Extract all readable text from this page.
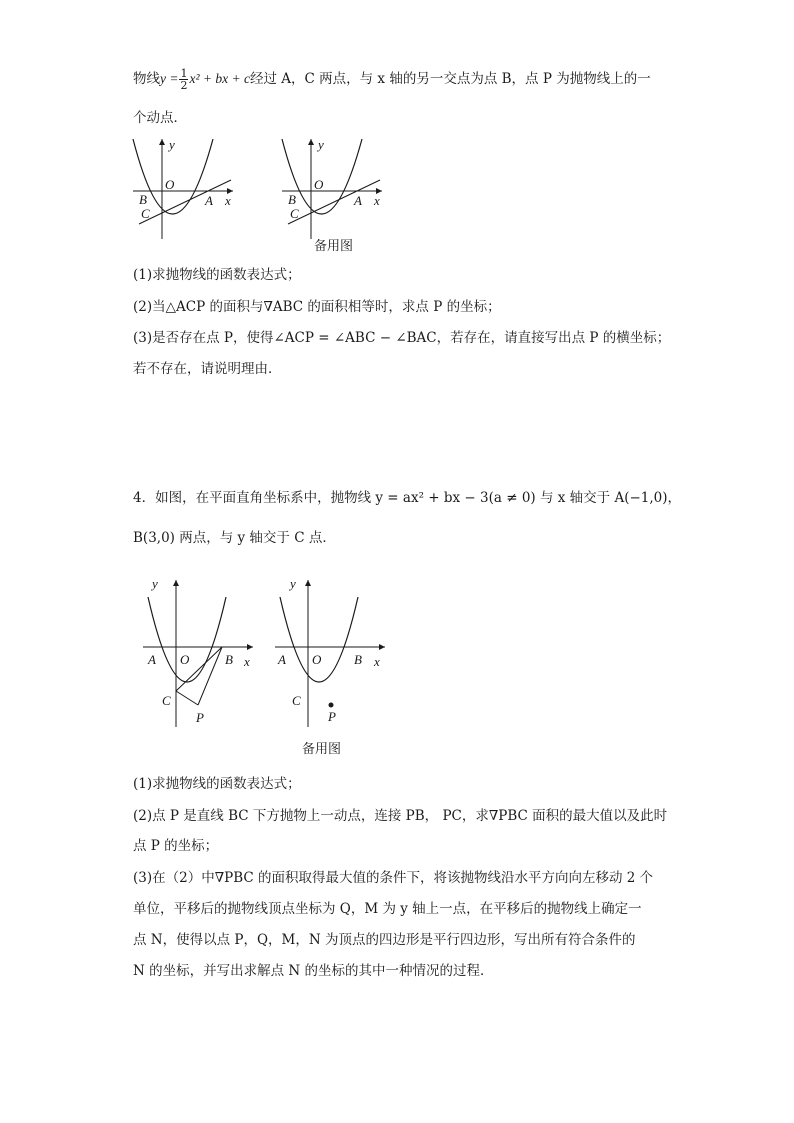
物线$y = \frac{1}{2} x^2$ + bx + c经过 A，C 两点，与 x 轴的另一交点为点 B，点 P 为抛物线上的一
个动点．
y
O
B
C
A x
y
O
B
C
A x
备用图
(1)求抛物线的函数表达式；
(2)当△ACP 的面积与∇ABC 的面积相等时，求点 P 的坐标；
(3)是否存在点 P，使得∠ACP = ∠ABC − ∠BAC，若存在，请直接写出点 P 的横坐标；
若不存在，请说明理由．
4．如图，在平面直角坐标系中，抛物线 y = ax² + bx − 3(a ≠ 0) 与 x 轴交于 A(−1,0)，
B(3,0) 两点，与 y 轴交于 C 点．
y
A O	B x
C
P
y
A O	B x
C
P
备用图
(1)求抛物线的函数表达式；
(2)点 P 是直线 BC 下方抛物上一动点，连接 PB， PC，求∇PBC 面积的最大值以及此时
点 P 的坐标；
(3)在（2）中∇PBC 的面积取得最大值的条件下，将该抛物线沿水平方向向左移动 2 个
单位，平移后的抛物线顶点坐标为 Q，M 为 y 轴上一点，在平移后的抛物线上确定一
点 N，使得以点 P，Q，M，N 为顶点的四边形是平行四边形，写出所有符合条件的
N 的坐标，并写出求解点 N 的坐标的其中一种情况的过程．
